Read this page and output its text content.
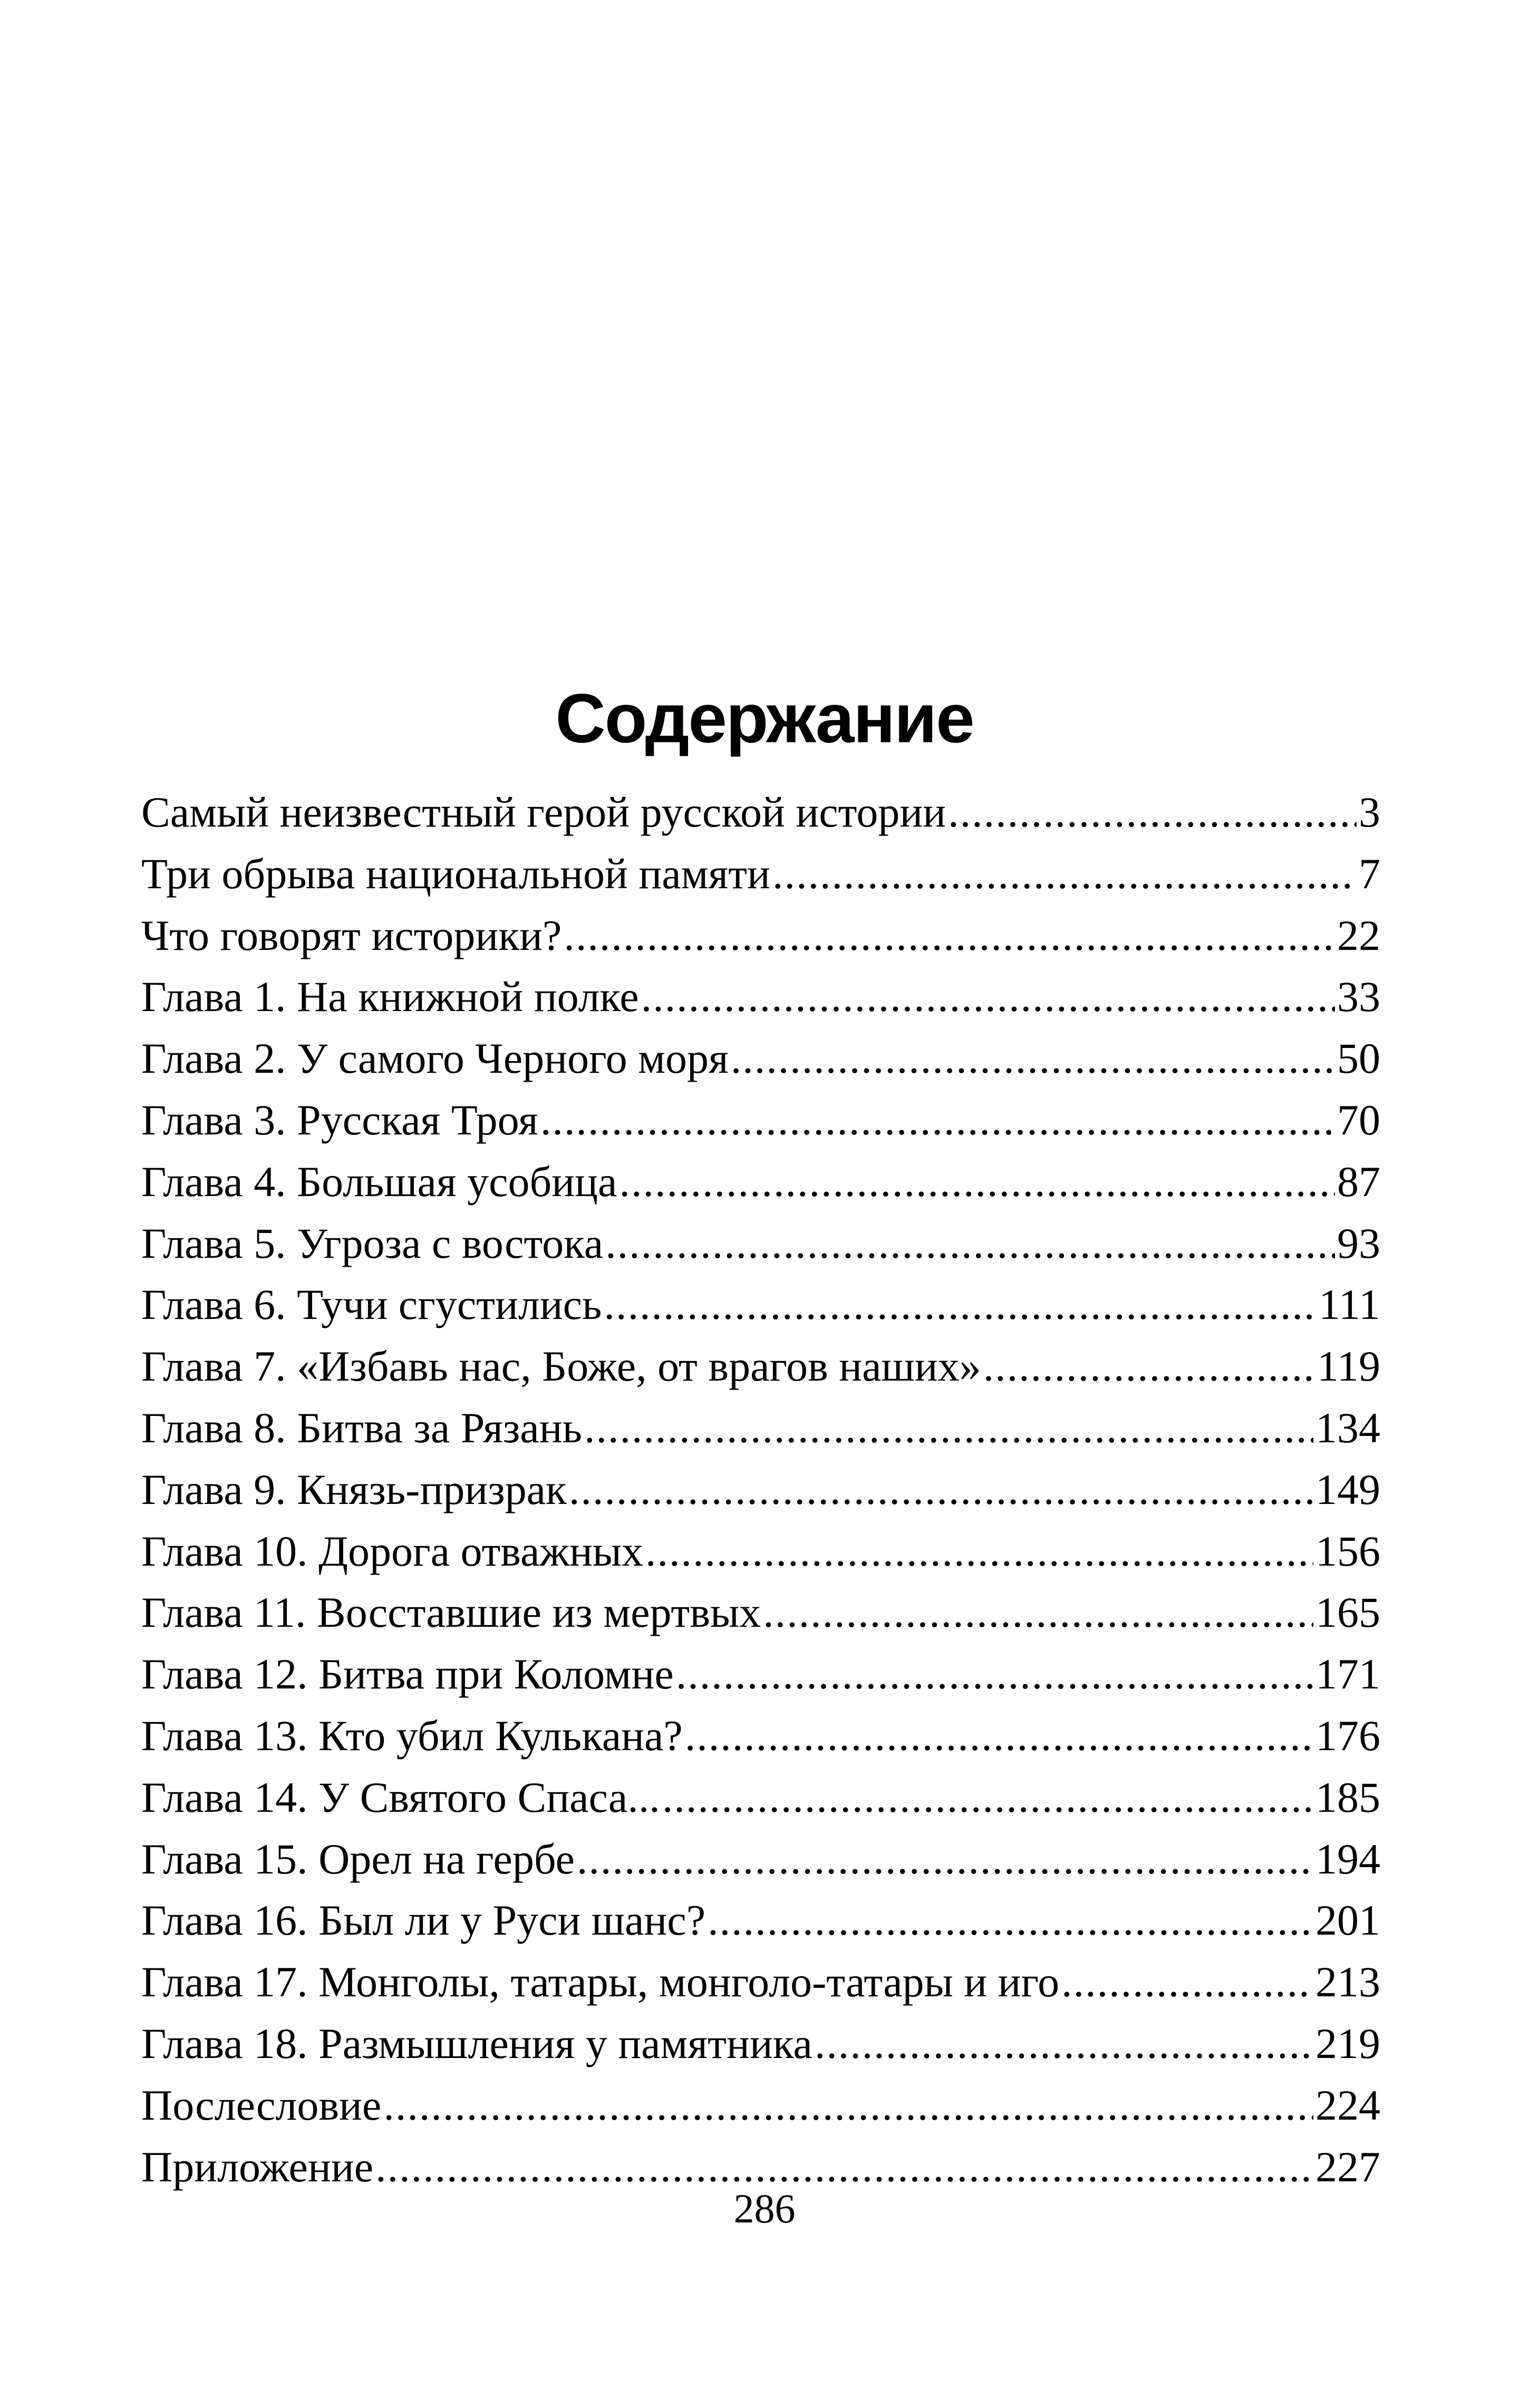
Содержание
Самый неизвестный герой русской истории .....	3
Три обрыва национальной памяти .....	7
Что говорят историки? .....	22
Глава 1. На книжной полке .....	33
Глава 2. У самого Черного моря .....	50
Глава 3. Русская Троя .....	70
Глава 4. Большая усобица .....	87
Глава 5. Угроза с востока .....	93
Глава 6. Тучи сгустились .....	111
Глава 7. «Избавь нас, Боже, от врагов наших» .....	119
Глава 8. Битва за Рязань .....	134
Глава 9. Князь-призрак .....	149
Глава 10. Дорога отважных .....	156
Глава 11. Восставшие из мертвых .....	165
Глава 12. Битва при Коломне .....	171
Глава 13. Кто убил Кулькана? .....	176
Глава 14. У Святого Спаса... .....	185
Глава 15. Орел на гербе .....	194
Глава 16. Был ли у Руси шанс? .....	201
Глава 17. Монголы, татары, монголо-татары и иго .....	213
Глава 18. Размышления у памятника .....	219
Послесловие .....	224
Приложение .....	227
286
